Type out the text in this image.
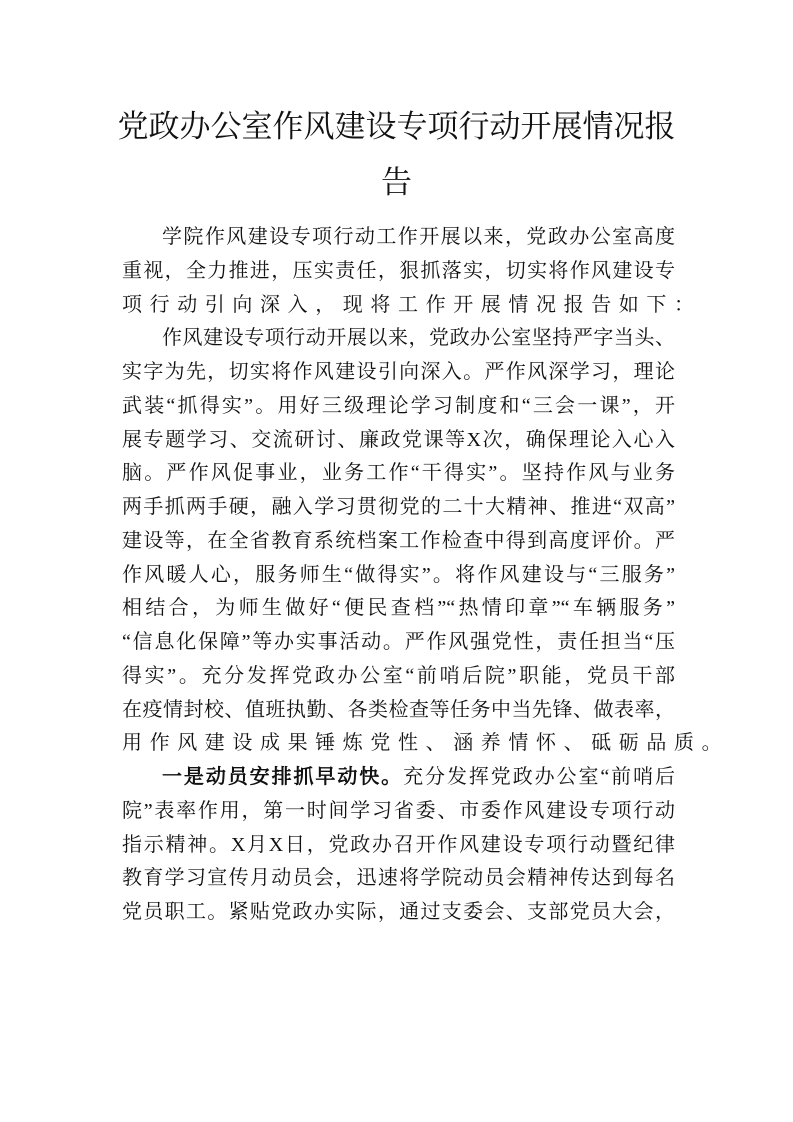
党政办公室作风建设专项行动开展情况报
告
学院作风建设专项行动工作开展以来，党政办公室高度
重视，全力推进，压实责任，狠抓落实，切实将作风建设专
项行动引向深入，现将工作开展情况报告如下：
作风建设专项行动开展以来，党政办公室坚持严字当头、
实字为先，切实将作风建设引向深入。严作风深学习，理论
武装“抓得实”。用好三级理论学习制度和“三会一课”，开
展专题学习、交流研讨、廉政党课等X次，确保理论入心入
脑。严作风促事业，业务工作“干得实”。坚持作风与业务
两手抓两手硬，融入学习贯彻党的二十大精神、推进“双高”
建设等，在全省教育系统档案工作检查中得到高度评价。严
作风暖人心，服务师生“做得实”。将作风建设与“三服务”
相结合，为师生做好“便民查档”“热情印章”“车辆服务”
“信息化保障”等办实事活动。严作风强党性，责任担当“压
得实”。充分发挥党政办公室“前哨后院”职能，党员干部
在疫情封校、值班执勤、各类检查等任务中当先锋、做表率，
用作风建设成果锤炼党性、涵养情怀、砥砺品质。
一是动员安排抓早动快。充分发挥党政办公室“前哨后
院”表率作用，第一时间学习省委、市委作风建设专项行动
指示精神。X月X日，党政办召开作风建设专项行动暨纪律
教育学习宣传月动员会，迅速将学院动员会精神传达到每名
党员职工。紧贴党政办实际，通过支委会、支部党员大会，
